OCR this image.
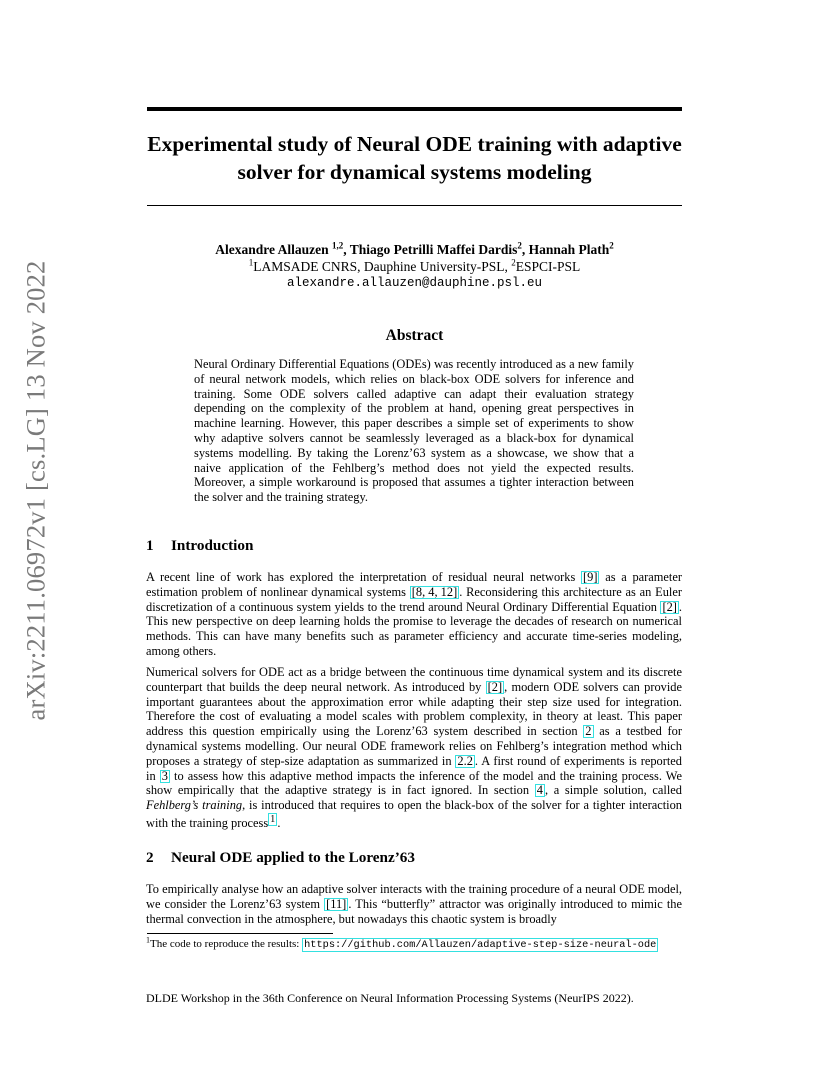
arXiv:2211.06972v1 [cs.LG] 13 Nov 2022
Experimental study of Neural ODE training with adaptive solver for dynamical systems modeling
Alexandre Allauzen $^{1,2}$, Thiago Petrilli Maffei Dardis$^2$, Hannah Plath$^2$
$^1$LAMSADE CNRS, Dauphine University-PSL, $^2$ESPCI-PSL
alexandre.allauzen@dauphine.psl.eu
Abstract

Neural Ordinary Differential Equations (ODEs) was recently introduced as a new family of neural network models, which relies on black-box ODE solvers for inference and training. Some ODE solvers called adaptive can adapt their evaluation strategy depending on the complexity of the problem at hand, opening great perspectives in machine learning. However, this paper describes a simple set of experiments to show why adaptive solvers cannot be seamlessly leveraged as a black-box for dynamical systems modelling. By taking the Lorenz’63 system as a showcase, we show that a naive application of the Fehlberg’s method does not yield the expected results. Moreover, a simple workaround is proposed that assumes a tighter interaction between the solver and the training strategy.

1 Introduction

A recent line of work has explored the interpretation of residual neural networks [9] as a parameter estimation problem of nonlinear dynamical systems [8, 4, 12] . Reconsidering this architecture as an Euler discretization of a continuous system yields to the trend around Neural Ordinary Differential Equation [2] . This new perspective on deep learning holds the promise to leverage the decades of research on numerical methods. This can have many benefits such as parameter efficiency and accurate time-series modeling, among others.

Numerical solvers for ODE act as a bridge between the continuous time dynamical system and its discrete counterpart that builds the deep neural network. As introduced by [2] , modern ODE solvers can provide important guarantees about the approximation error while adapting their step size used for integration. Therefore the cost of evaluating a model scales with problem complexity, in theory at least. This paper address this question empirically using the Lorenz’63 system described in section 2 as a testbed for dynamical systems modelling. Our neural ODE framework relies on Fehlberg’s integration method which proposes a strategy of step-size adaptation as summarized in 2.2 . A first round of experiments is reported in 3 to assess how this adaptive method impacts the inference of the model and the training process. We show empirically that the adaptive strategy is in fact ignored. In section 4 , a simple solution, called Fehlberg’s training, is introduced that requires to open the black-box of the solver for a tighter interaction with the training process $^1$ .

2 Neural ODE applied to the Lorenz’63

To empirically analyse how an adaptive solver interacts with the training procedure of a neural ODE model, we consider the Lorenz’63 system [11] . This “butterfly” attractor was originally introduced to mimic the thermal convection in the atmosphere, but nowadays this chaotic system is broadly

$^1$The code to reproduce the results: https://github.com/Allauzen/adaptive-step-size-neural-ode

DLDE Workshop in the 36th Conference on Neural Information Processing Systems (NeurIPS 2022).
